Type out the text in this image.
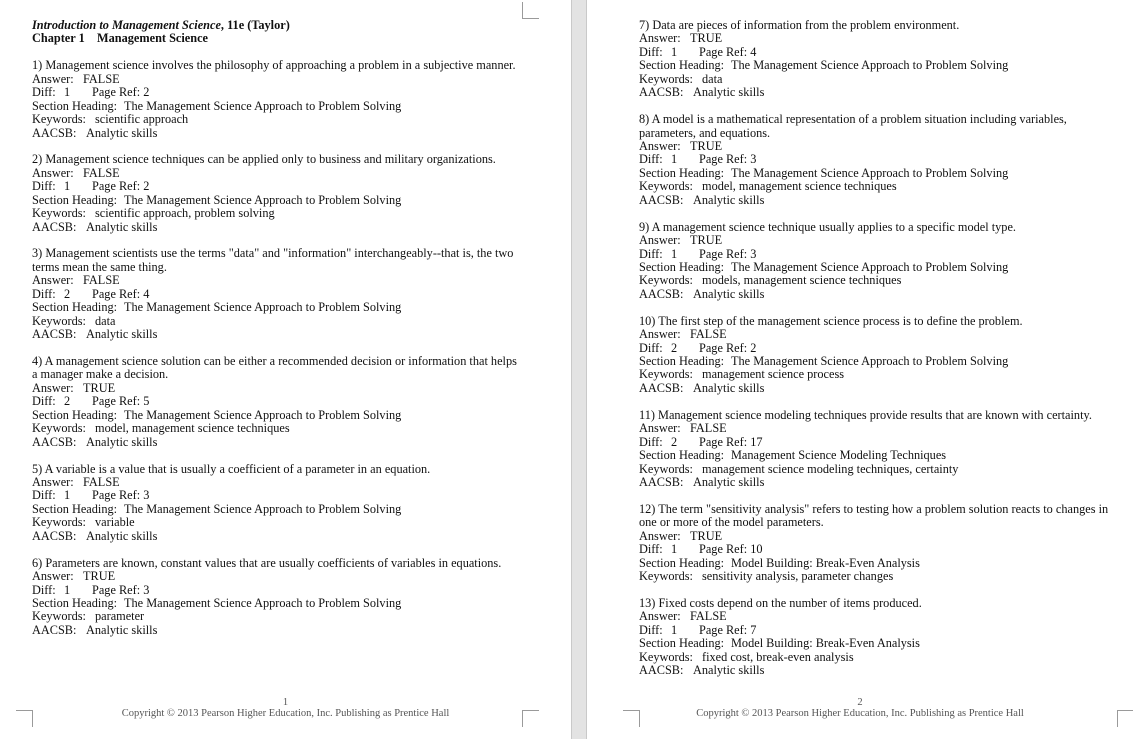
Introduction to Management Science, 11e (Taylor)
Chapter 1    Management Science
1) Management science involves the philosophy of approaching a problem in a subjective manner.
Answer: FALSE
Diff: 1 Page Ref: 2
Section Heading: The Management Science Approach to Problem Solving
Keywords: scientific approach
AACSB: Analytic skills
2) Management science techniques can be applied only to business and military organizations.
Answer: FALSE
Diff: 1 Page Ref: 2
Section Heading: The Management Science Approach to Problem Solving
Keywords: scientific approach, problem solving
AACSB: Analytic skills
3) Management scientists use the terms "data" and "information" interchangeably--that is, the two terms mean the same thing.
Answer: FALSE
Diff: 2 Page Ref: 4
Section Heading: The Management Science Approach to Problem Solving
Keywords: data
AACSB: Analytic skills
4) A management science solution can be either a recommended decision or information that helps a manager make a decision.
Answer: TRUE
Diff: 2 Page Ref: 5
Section Heading: The Management Science Approach to Problem Solving
Keywords: model, management science techniques
AACSB: Analytic skills
5) A variable is a value that is usually a coefficient of a parameter in an equation.
Answer: FALSE
Diff: 1 Page Ref: 3
Section Heading: The Management Science Approach to Problem Solving
Keywords: variable
AACSB: Analytic skills
6) Parameters are known, constant values that are usually coefficients of variables in equations.
Answer: TRUE
Diff: 1 Page Ref: 3
Section Heading: The Management Science Approach to Problem Solving
Keywords: parameter
AACSB: Analytic skills
1
Copyright © 2013 Pearson Higher Education, Inc. Publishing as Prentice Hall
7) Data are pieces of information from the problem environment.
Answer: TRUE
Diff: 1 Page Ref: 4
Section Heading: The Management Science Approach to Problem Solving
Keywords: data
AACSB: Analytic skills
8) A model is a mathematical representation of a problem situation including variables, parameters, and equations.
Answer: TRUE
Diff: 1 Page Ref: 3
Section Heading: The Management Science Approach to Problem Solving
Keywords: model, management science techniques
AACSB: Analytic skills
9) A management science technique usually applies to a specific model type.
Answer: TRUE
Diff: 1 Page Ref: 3
Section Heading: The Management Science Approach to Problem Solving
Keywords: models, management science techniques
AACSB: Analytic skills
10) The first step of the management science process is to define the problem.
Answer: FALSE
Diff: 2 Page Ref: 2
Section Heading: The Management Science Approach to Problem Solving
Keywords: management science process
AACSB: Analytic skills
11) Management science modeling techniques provide results that are known with certainty.
Answer: FALSE
Diff: 2 Page Ref: 17
Section Heading: Management Science Modeling Techniques
Keywords: management science modeling techniques, certainty
AACSB: Analytic skills
12) The term "sensitivity analysis" refers to testing how a problem solution reacts to changes in one or more of the model parameters.
Answer: TRUE
Diff: 1 Page Ref: 10
Section Heading: Model Building: Break-Even Analysis
Keywords: sensitivity analysis, parameter changes
13) Fixed costs depend on the number of items produced.
Answer: FALSE
Diff: 1 Page Ref: 7
Section Heading: Model Building: Break-Even Analysis
Keywords: fixed cost, break-even analysis
AACSB: Analytic skills
2
Copyright © 2013 Pearson Higher Education, Inc. Publishing as Prentice Hall
